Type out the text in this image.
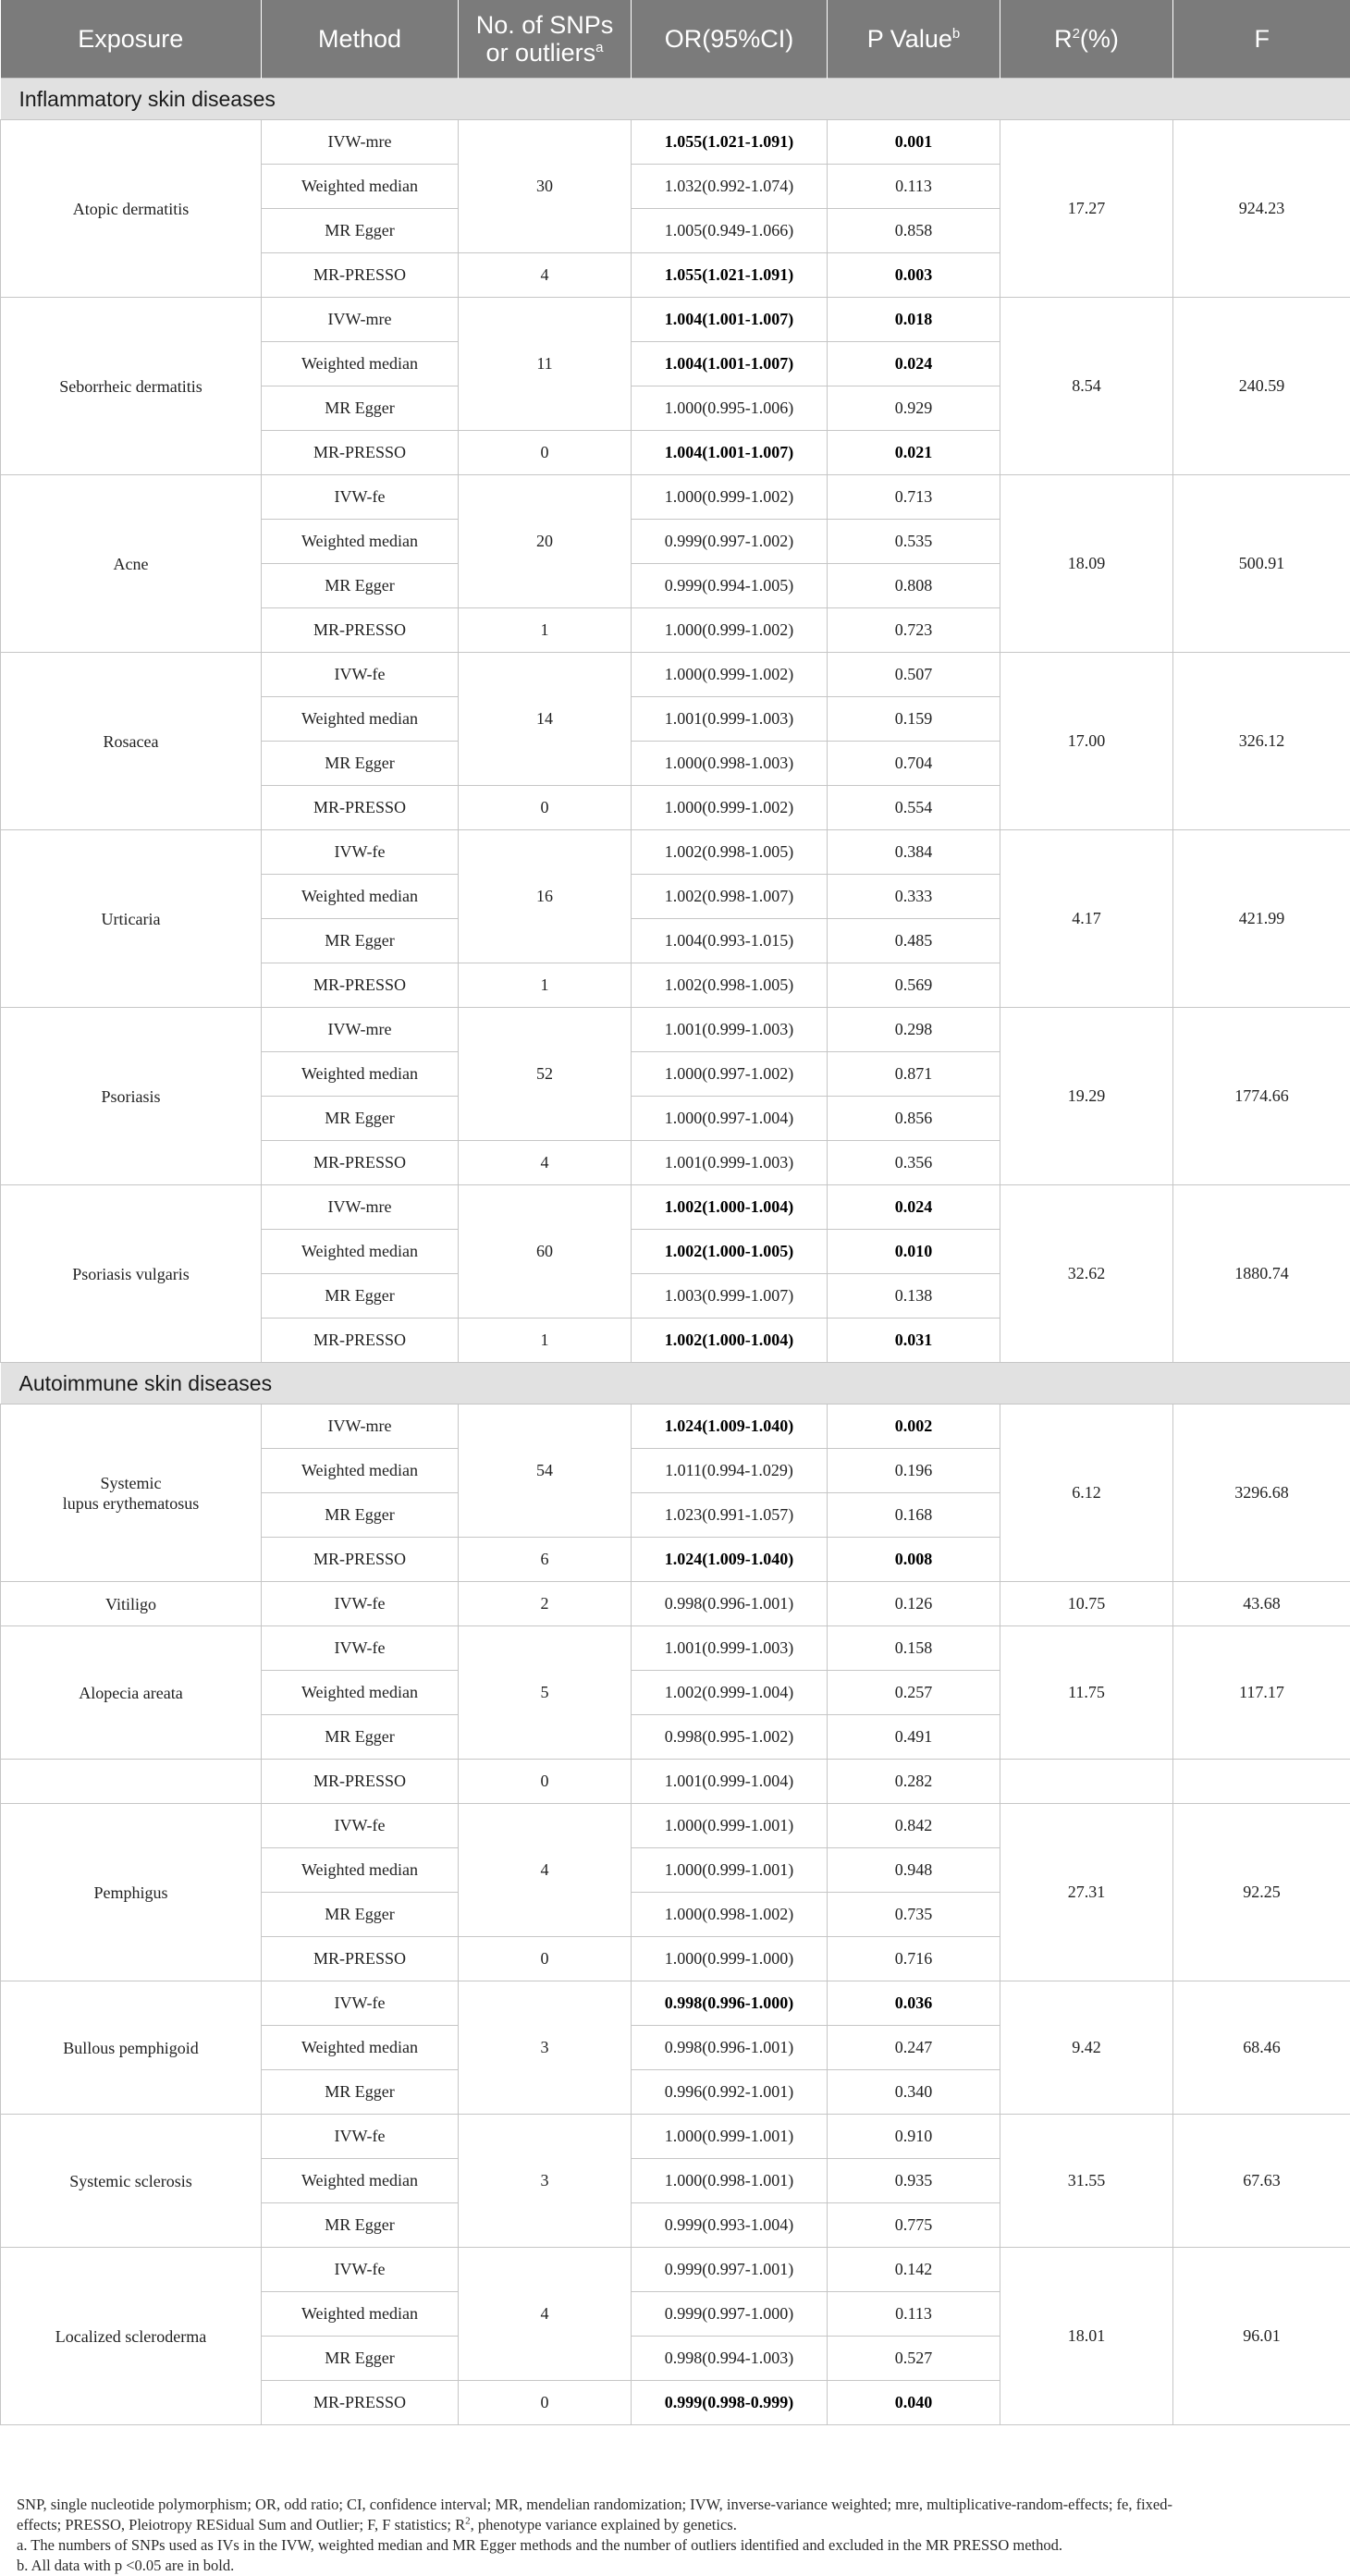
Exposure	Method	No. of SNPs
or outliers$^a$	OR(95%CI)	P Value$^b$	$R^2(\%)$	F
Inflammatory skin diseases						
Atopic dermatitis	IVW-mre	30	1.055(1.021-1.091)	0.001	17.27	924.23
	Weighted median		1.032(0.992-1.074)	0.113		
	MR Egger		1.005(0.949-1.066)	0.858		
	MR-PRESSO	4	1.055(1.021-1.091)	0.003		
Seborrheic dermatitis	IVW-mre	11	1.004(1.001-1.007)	0.018	8.54	240.59
	Weighted median		1.004(1.001-1.007)	0.024		
	MR Egger		1.000(0.995-1.006)	0.929		
	MR-PRESSO	0	1.004(1.001-1.007)	0.021		
Acne	IVW-fe	20	1.000(0.999-1.002)	0.713	18.09	500.91
	Weighted median		0.999(0.997-1.002)	0.535		
	MR Egger		0.999(0.994-1.005)	0.808		
	MR-PRESSO	1	1.000(0.999-1.002)	0.723		
Rosacea	IVW-fe	14	1.000(0.999-1.002)	0.507	17.00	326.12
	Weighted median		1.001(0.999-1.003)	0.159		
	MR Egger		1.000(0.998-1.003)	0.704		
	MR-PRESSO	0	1.000(0.999-1.002)	0.554		
Urticaria	IVW-fe	16	1.002(0.998-1.005)	0.384	4.17	421.99
	Weighted median		1.002(0.998-1.007)	0.333		
	MR Egger		1.004(0.993-1.015)	0.485		
	MR-PRESSO	1	1.002(0.998-1.005)	0.569		
Psoriasis	IVW-mre	52	1.001(0.999-1.003)	0.298	19.29	1774.66
	Weighted median		1.000(0.997-1.002)	0.871		
	MR Egger		1.000(0.997-1.004)	0.856		
	MR-PRESSO	4	1.001(0.999-1.003)	0.356		
Psoriasis vulgaris	IVW-mre	60	1.002(1.000-1.004)	0.024	32.62	1880.74
	Weighted median		1.002(1.000-1.005)	0.010		
	MR Egger		1.003(0.999-1.007)	0.138		
	MR-PRESSO	1	1.002(1.000-1.004)	0.031		
Autoimmune skin diseases						
Systemic
lupus erythematosus	IVW-mre	54	1.024(1.009-1.040)	0.002	6.12	3296.68
	Weighted median		1.011(0.994-1.029)	0.196		
	MR Egger		1.023(0.991-1.057)	0.168		
	MR-PRESSO	6	1.024(1.009-1.040)	0.008		
Vitiligo	IVW-fe	2	0.998(0.996-1.001)	0.126	10.75	43.68
Alopecia areata	IVW-fe	5	1.001(0.999-1.003)	0.158	11.75	117.17
	Weighted median		1.002(0.999-1.004)	0.257		
	MR Egger		0.998(0.995-1.002)	0.491		
	MR-PRESSO	0	1.001(0.999-1.004)	0.282		
Pemphigus	IVW-fe	4	1.000(0.999-1.001)	0.842	27.31	92.25
	Weighted median		1.000(0.999-1.001)	0.948		
	MR Egger		1.000(0.998-1.002)	0.735		
	MR-PRESSO	0	1.000(0.999-1.000)	0.716		
Bullous pemphigoid	IVW-fe	3	0.998(0.996-1.000)	0.036	9.42	68.46
	Weighted median		0.998(0.996-1.001)	0.247		
	MR Egger		0.996(0.992-1.001)	0.340		
Systemic sclerosis	IVW-fe	3	1.000(0.999-1.001)	0.910	31.55	67.63
	Weighted median		1.000(0.998-1.001)	0.935		
	MR Egger		0.999(0.993-1.004)	0.775		
Localized scleroderma	IVW-fe	4	0.999(0.997-1.001)	0.142	18.01	96.01
	Weighted median		0.999(0.997-1.000)	0.113		
	MR Egger		0.998(0.994-1.003)	0.527		
	MR-PRESSO	0	0.999(0.998-0.999)	0.040		

SNP, single nucleotide polymorphism; OR, odd ratio; CI, confidence interval; MR, mendelian randomization; IVW, inverse-variance weighted; mre, multiplicative-random-effects; fe, fixed-
effects; PRESSO, Pleiotropy RESidual Sum and Outlier; F, F statistics; $R^2$, phenotype variance explained by genetics.

a. The numbers of SNPs used as IVs in the IVW, weighted median and MR Egger methods and the number of outliers identified and excluded in the MR PRESSO method.

b. All data with p <0.05 are in bold.
